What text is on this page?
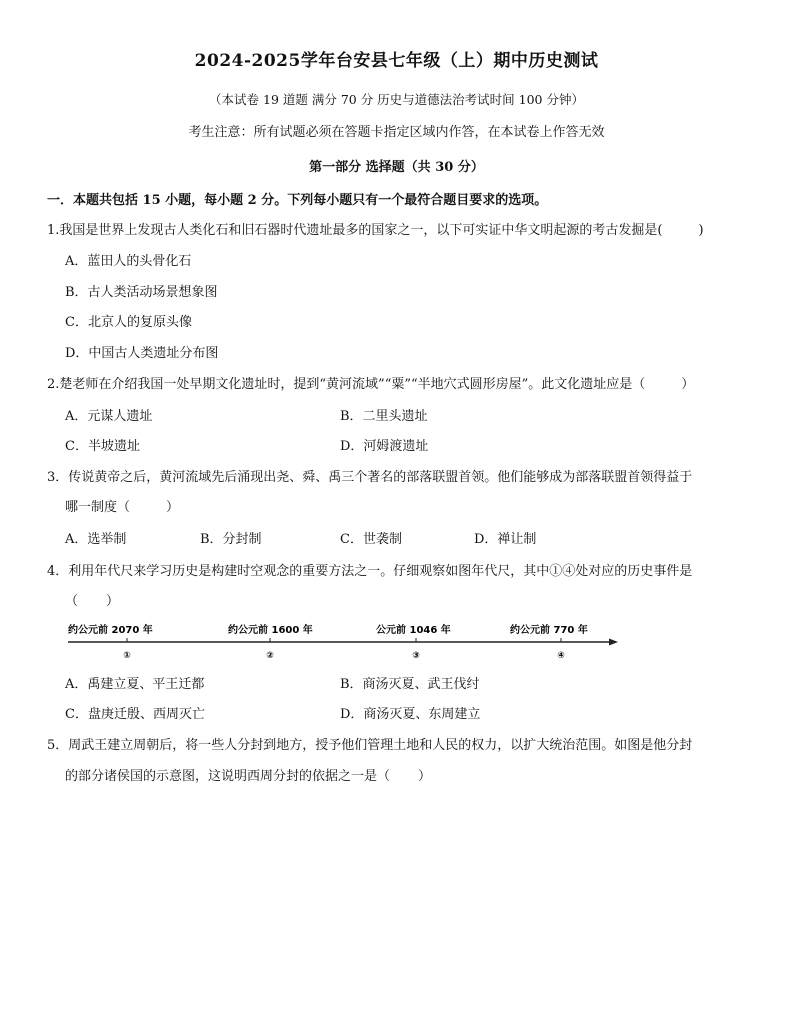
2024-2025学年台安县七年级（上）期中历史测试
（本试卷 19 道题 满分 70 分 历史与道德法治考试时间 100 分钟）
考生注意：所有试题必须在答题卡指定区域内作答，在本试卷上作答无效
第一部分 选择题（共 30 分）
一．本题共包括 15 小题，每小题 2 分。下列每小题只有一个最符合题目要求的选项。
1.我国是世界上发现古人类化石和旧石器时代遗址最多的国家之一，以下可实证中华文明起源的考古发掘是(	)
A．蓝田人的头骨化石
B．古人类活动场景想象图
C．北京人的复原头像
D．中国古人类遗址分布图
2.楚老师在介绍我国一处早期文化遗址时，提到“黄河流域”“粟”“半地穴式圆形房屋”。此文化遗址应是（	）
A．元谋人遗址	B．二里头遗址
C．半坡遗址	D．河姆渡遗址
3．传说黄帝之后，黄河流域先后涌现出尧、舜、禹三个著名的部落联盟首领。他们能够成为部落联盟首领得益于
哪一制度（	）
A．选举制	B．分封制	C．世袭制	D．禅让制
4．利用年代尺来学习历史是构建时空观念的重要方法之一。仔细观察如图年代尺，其中①④处对应的历史事件是
（ ）
约公元前 2070 年	约公元前 1600 年	公元前 1046 年	约公元前 770 年
①	②	③	④
A．禹建立夏、平王迁都	B．商汤灭夏、武王伐纣
C．盘庚迁殷、西周灭亡	D．商汤灭夏、东周建立
5．周武王建立周朝后，将一些人分封到地方，授予他们管理土地和人民的权力，以扩大统治范围。如图是他分封
的部分诸侯国的示意图，这说明西周分封的依据之一是（ ）
